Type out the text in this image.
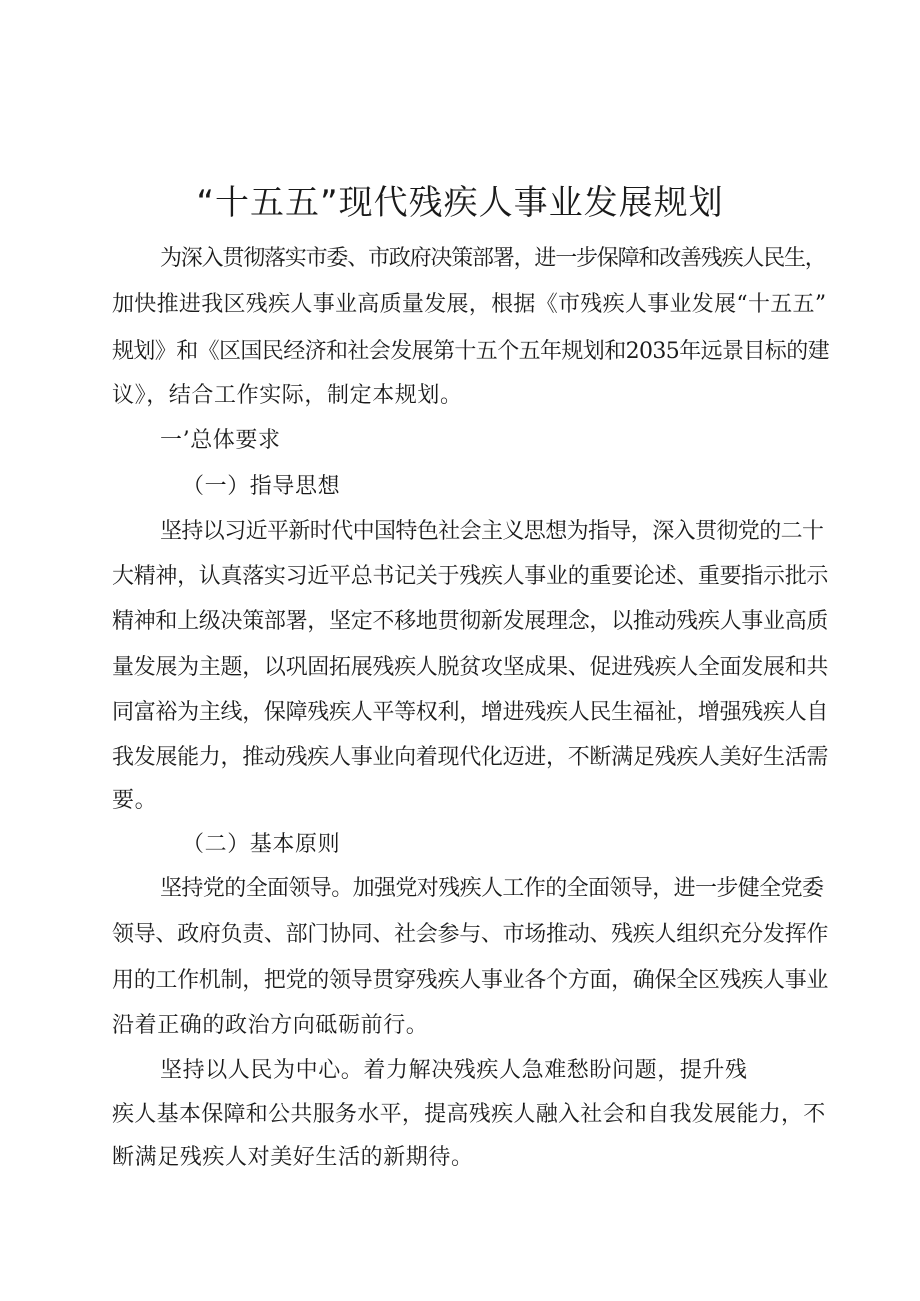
“十五五”现代残疾人事业发展规划
为深入贯彻落实市委、市政府决策部署，进一步保障和改善残疾人民生，
加快推进我区残疾人事业高质量发展，根据《市残疾人事业发展“十五五”
规划》和《区国民经济和社会发展第十五个五年规划和2035年远景目标的建
议》，结合工作实际，制定本规划。
一’总体要求
（一）指导思想
坚持以习近平新时代中国特色社会主义思想为指导，深入贯彻党的二十
大精神，认真落实习近平总书记关于残疾人事业的重要论述、重要指示批示
精神和上级决策部署，坚定不移地贯彻新发展理念，以推动残疾人事业高质
量发展为主题，以巩固拓展残疾人脱贫攻坚成果、促进残疾人全面发展和共
同富裕为主线，保障残疾人平等权利，增进残疾人民生福祉，增强残疾人自
我发展能力，推动残疾人事业向着现代化迈进，不断满足残疾人美好生活需
要。
（二）基本原则
坚持党的全面领导。加强党对残疾人工作的全面领导，进一步健全党委
领导、政府负责、部门协同、社会参与、市场推动、残疾人组织充分发挥作
用的工作机制，把党的领导贯穿残疾人事业各个方面，确保全区残疾人事业
沿着正确的政治方向砥砺前行。
坚持以人民为中心。着力解决残疾人急难愁盼问题，提升残
疾人基本保障和公共服务水平，提高残疾人融入社会和自我发展能力，不
断满足残疾人对美好生活的新期待。
